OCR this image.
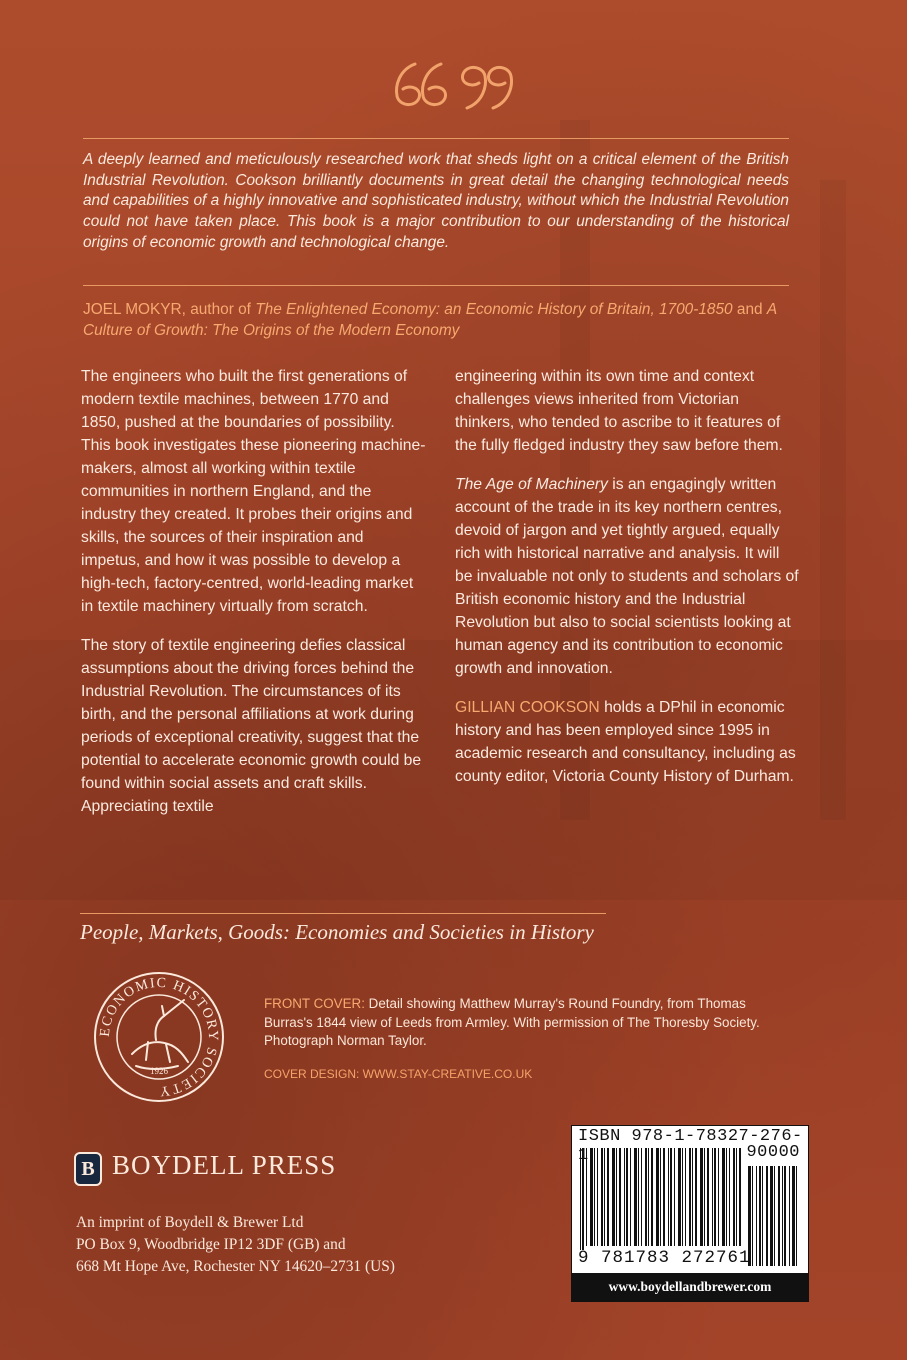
A deeply learned and meticulously researched work that sheds light on a critical element of the British Industrial Revolution. Cookson brilliantly documents in great detail the changing technological needs and capabilities of a highly innovative and sophisticated industry, without which the Industrial Revolution could not have taken place. This book is a major contribution to our understanding of the historical origins of economic growth and technological change.

JOEL MOKYR, author of The Enlightened Economy: an Economic History of Britain, 1700-1850 and A Culture of Growth: The Origins of the Modern Economy

The engineers who built the first generations of modern textile machines, between 1770 and 1850, pushed at the boundaries of possibility. This book investigates these pioneering machine-makers, almost all working within textile communities in northern England, and the industry they created. It probes their origins and skills, the sources of their inspiration and impetus, and how it was possible to develop a high-tech, factory-centred, world-leading market in textile machinery virtually from scratch.

The story of textile engineering defies classical assumptions about the driving forces behind the Industrial Revolution. The circumstances of its birth, and the personal affiliations at work during periods of exceptional creativity, suggest that the potential to accelerate economic growth could be found within social assets and craft skills. Appreciating textile

engineering within its own time and context challenges views inherited from Victorian thinkers, who tended to ascribe to it features of the fully fledged industry they saw before them.

The Age of Machinery is an engagingly written account of the trade in its key northern centres, devoid of jargon and yet tightly argued, equally rich with historical narrative and analysis. It will be invaluable not only to students and scholars of British economic history and the Industrial Revolution but also to social scientists looking at human agency and its contribution to economic growth and innovation.

GILLIAN COOKSON holds a DPhil in economic history and has been employed since 1995 in academic research and consultancy, including as county editor, Victoria County History of Durham.

People, Markets, Goods: Economies and Societies in History

ECONOMIC HISTORY SOCIETY
1926

FRONT COVER: Detail showing Matthew Murray's Round Foundry, from Thomas Burras's 1844 view of Leeds from Armley. With permission of The Thoresby Society. Photograph Norman Taylor.

COVER DESIGN: WWW.STAY-CREATIVE.CO.UK

B BOYDELL PRESS

An imprint of Boydell & Brewer Ltd
PO Box 9, Woodbridge IP12 3DF (GB) and
668 Mt Hope Ave, Rochester NY 14620–2731 (US)

ISBN 978-1-78327-276-1	90000

9 781783 272761

www.boydellandbrewer.com
